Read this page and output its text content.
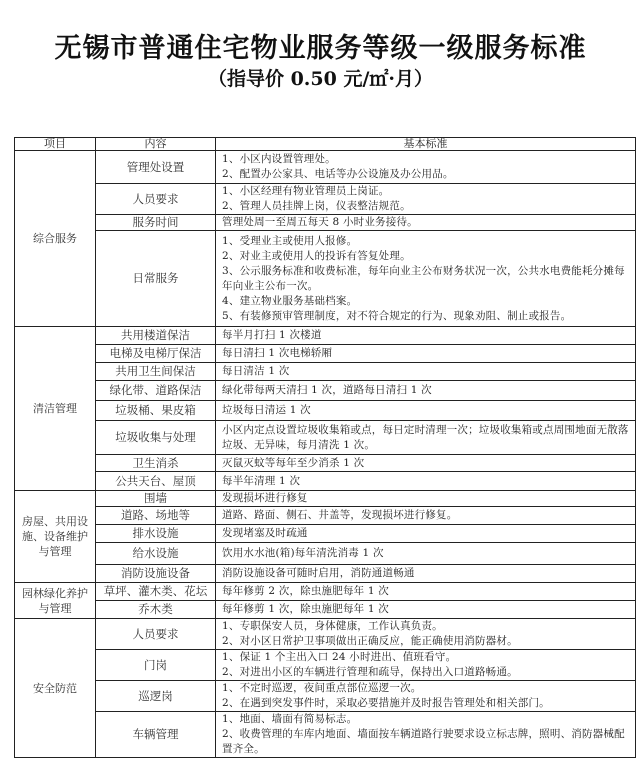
无锡市普通住宅物业服务等级一级服务标准
（指导价 0.50 元/㎡·月）
项目	内容	基本标准
综合服务	管理处设置	1、小区内设置管理处。
2、配置办公家具、电话等办公设施及办公用品。

	人员要求	1、小区经理有物业管理员上岗证。
2、管理人员挂牌上岗，仪表整洁规范。

	服务时间	管理处周一至周五每天 8 小时业务接待。

	日常服务	1、受理业主或使用人报修。
2、对业主或使用人的投诉有答复处理。
3、公示服务标准和收费标准，每年向业主公布财务状况一次，公共水电费能耗分摊每年向业主公布一次。
4、建立物业服务基础档案。
5、有装修预审管理制度，对不符合规定的行为、现象劝阻、制止或报告。

清洁管理	共用楼道保洁	每半月打扫 1 次楼道

	电梯及电梯厅保洁	每日清扫 1 次电梯轿厢

	共用卫生间保洁	每日清洁 1 次

	绿化带、道路保洁	绿化带每两天清扫 1 次，道路每日清扫 1 次

	垃圾桶、果皮箱	垃圾每日清运 1 次

	垃圾收集与处理	小区内定点设置垃圾收集箱或点，每日定时清理一次；垃圾收集箱或点周围地面无散落垃圾、无异味，每月清洗 1 次。

	卫生消杀	灭鼠灭蚊等每年至少消杀 1 次

	公共天台、屋顶	每半年清理 1 次

房屋、共用设施、设备维护与管理	围墙	发现损坏进行修复

	道路、场地等	道路、路面、侧石、井盖等，发现损坏进行修复。

	排水设施	发现堵塞及时疏通

	给水设施	饮用水水池(箱)每年清洗消毒 1 次

	消防设施设备	消防设施设备可随时启用，消防通道畅通

园林绿化养护与管理	草坪、灌木类、花坛	每年修剪 2 次，除虫施肥每年 1 次

	乔木类	每年修剪 1 次，除虫施肥每年 1 次

安全防范	人员要求	1、专职保安人员，身体健康，工作认真负责。
2、对小区日常护卫事项做出正确反应，能正确使用消防器材。

	门岗	1、保证 1 个主出入口 24 小时进出、值班看守。
2、对进出小区的车辆进行管理和疏导，保持出入口道路畅通。

	巡逻岗	1、不定时巡逻，夜间重点部位巡逻一次。
2、在遇到突发事件时，采取必要措施并及时报告管理处和相关部门。

	车辆管理	1、地面、墙面有简易标志。
2、收费管理的车库内地面、墙面按车辆道路行驶要求设立标志牌，照明、消防器械配置齐全。
